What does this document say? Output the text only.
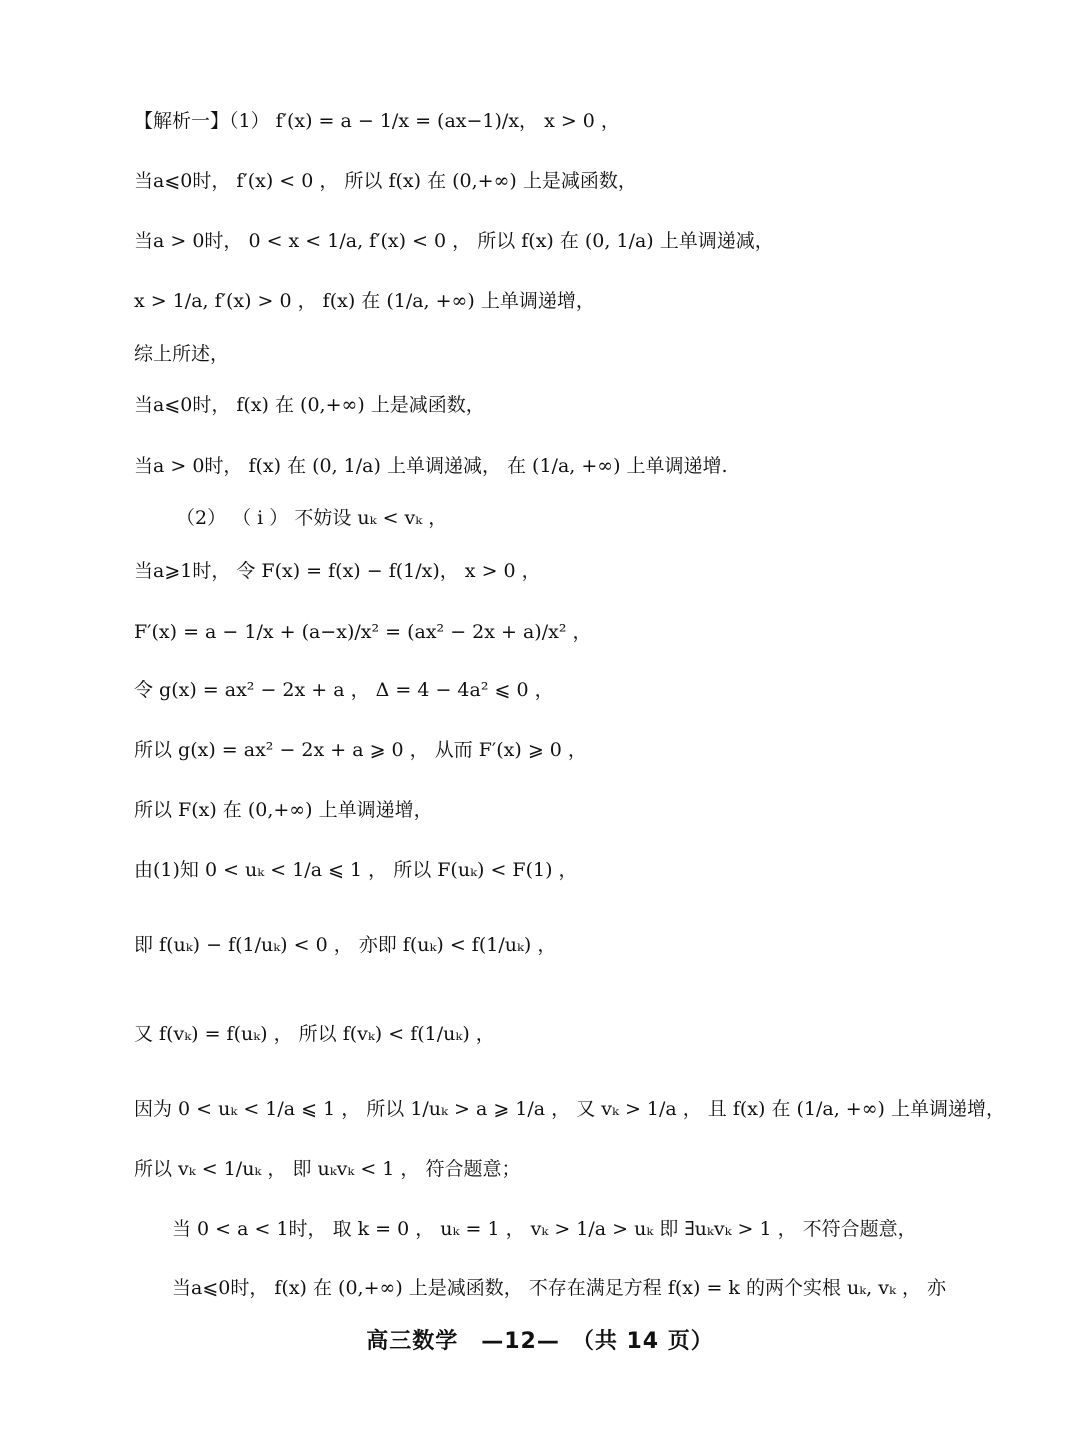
【解析一】（1） f′(x) = a − 1/x = (ax−1)/x， x > 0 ，
当a⩽0时， f′(x) < 0 ， 所以 f(x) 在 (0,+∞) 上是减函数，
当a > 0时， 0 < x < 1/a, f′(x) < 0 ， 所以 f(x) 在 (0, 1/a) 上单调递减，
x > 1/a, f′(x) > 0 ， f(x) 在 (1/a, +∞) 上单调递增，
综上所述，
当a⩽0时， f(x) 在 (0,+∞) 上是减函数，
当a > 0时， f(x) 在 (0, 1/a) 上单调递减， 在 (1/a, +∞) 上单调递增.
（2） （ i ） 不妨设 uₖ < vₖ ，
当a⩾1时， 令 F(x) = f(x) − f(1/x)， x > 0 ，
F′(x) = a − 1/x + (a−x)/x² = (ax² − 2x + a)/x² ，
令 g(x) = ax² − 2x + a ， Δ = 4 − 4a² ⩽ 0 ，
所以 g(x) = ax² − 2x + a ⩾ 0 ， 从而 F′(x) ⩾ 0 ，
所以 F(x) 在 (0,+∞) 上单调递增，
由(1)知 0 < uₖ < 1/a ⩽ 1 ， 所以 F(uₖ) < F(1) ，
即 f(uₖ) − f(1/uₖ) < 0 ， 亦即 f(uₖ) < f(1/uₖ) ，
又 f(vₖ) = f(uₖ) ， 所以 f(vₖ) < f(1/uₖ) ，
因为 0 < uₖ < 1/a ⩽ 1 ， 所以 1/uₖ > a ⩾ 1/a ， 又 vₖ > 1/a ， 且 f(x) 在 (1/a, +∞) 上单调递增，
所以 vₖ < 1/uₖ ， 即 uₖvₖ < 1 ， 符合题意；
当 0 < a < 1时， 取 k = 0 ， uₖ = 1 ， vₖ > 1/a > uₖ 即 ∃uₖvₖ > 1 ， 不符合题意，
当a⩽0时， f(x) 在 (0,+∞) 上是减函数， 不存在满足方程 f(x) = k 的两个实根 uₖ, vₖ ， 亦
高三数学　—12—　（共 14 页）
